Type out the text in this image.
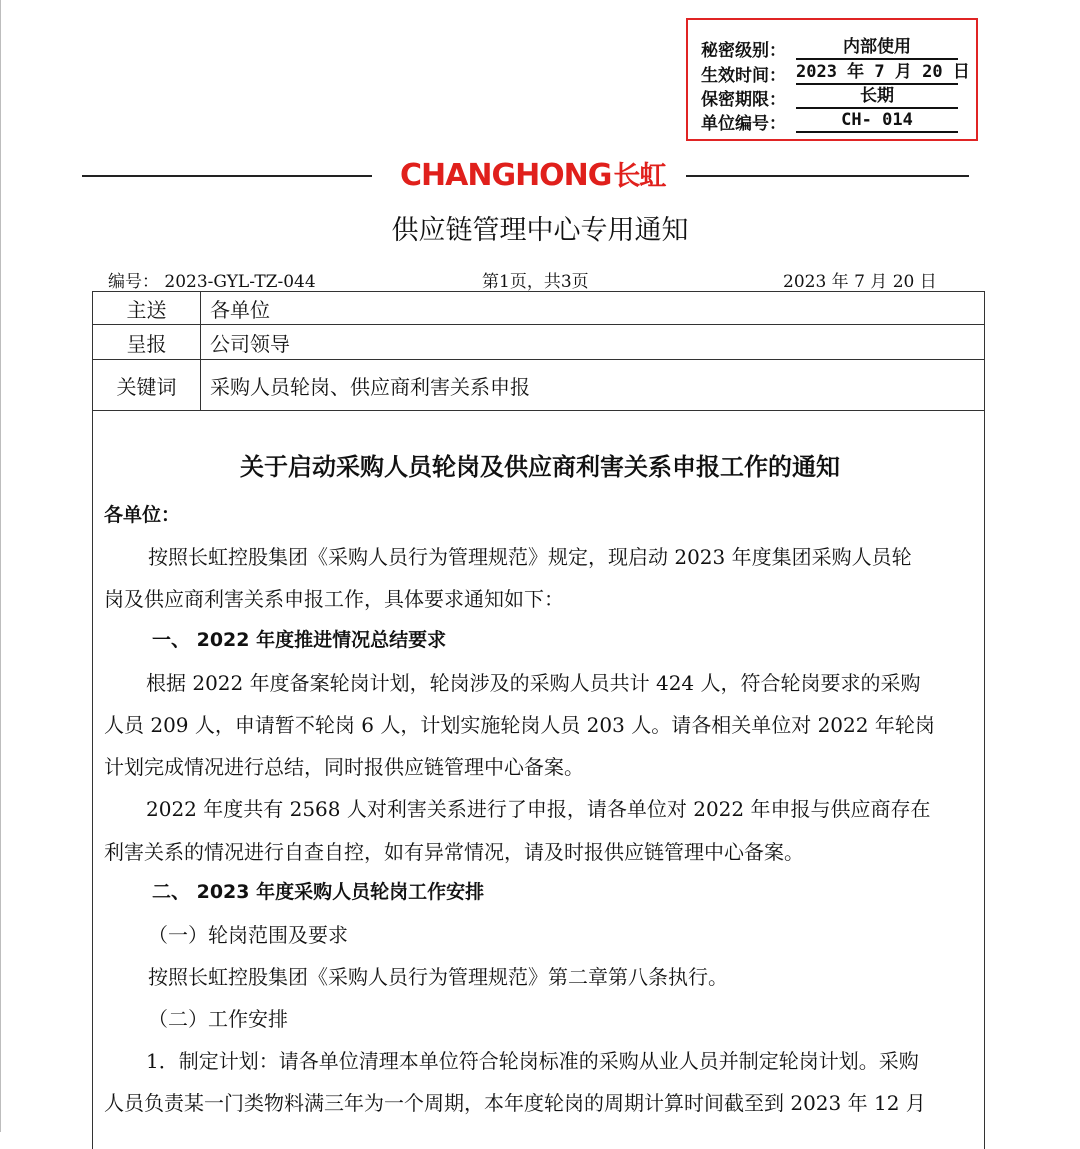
秘密级别：	内部使用
生效时间： 2023 年 7 月 20 日
保密期限：	长期
单位编号：	CH- 014
CHANGHONG长虹
供应链管理中心专用通知
编号： 2023-GYL-TZ-044	第1页，共3页	2023 年 7 月 20 日
主送	各单位
呈报	公司领导
关键词	采购人员轮岗、供应商利害关系申报
关于启动采购人员轮岗及供应商利害关系申报工作的通知
各单位：
按照长虹控股集团《采购人员行为管理规范》规定，现启动 2023 年度集团采购人员轮
岗及供应商利害关系申报工作，具体要求通知如下：
一、 2022 年度推进情况总结要求
根据 2022 年度备案轮岗计划，轮岗涉及的采购人员共计 424 人，符合轮岗要求的采购
人员 209 人，申请暂不轮岗 6 人，计划实施轮岗人员 203 人。请各相关单位对 2022 年轮岗
计划完成情况进行总结，同时报供应链管理中心备案。
2022 年度共有 2568 人对利害关系进行了申报，请各单位对 2022 年申报与供应商存在
利害关系的情况进行自查自控，如有异常情况，请及时报供应链管理中心备案。
二、 2023 年度采购人员轮岗工作安排
（一）轮岗范围及要求
按照长虹控股集团《采购人员行为管理规范》第二章第八条执行。
（二）工作安排
1．制定计划：请各单位清理本单位符合轮岗标准的采购从业人员并制定轮岗计划。采购
人员负责某一门类物料满三年为一个周期，本年度轮岗的周期计算时间截至到 2023 年 12 月
